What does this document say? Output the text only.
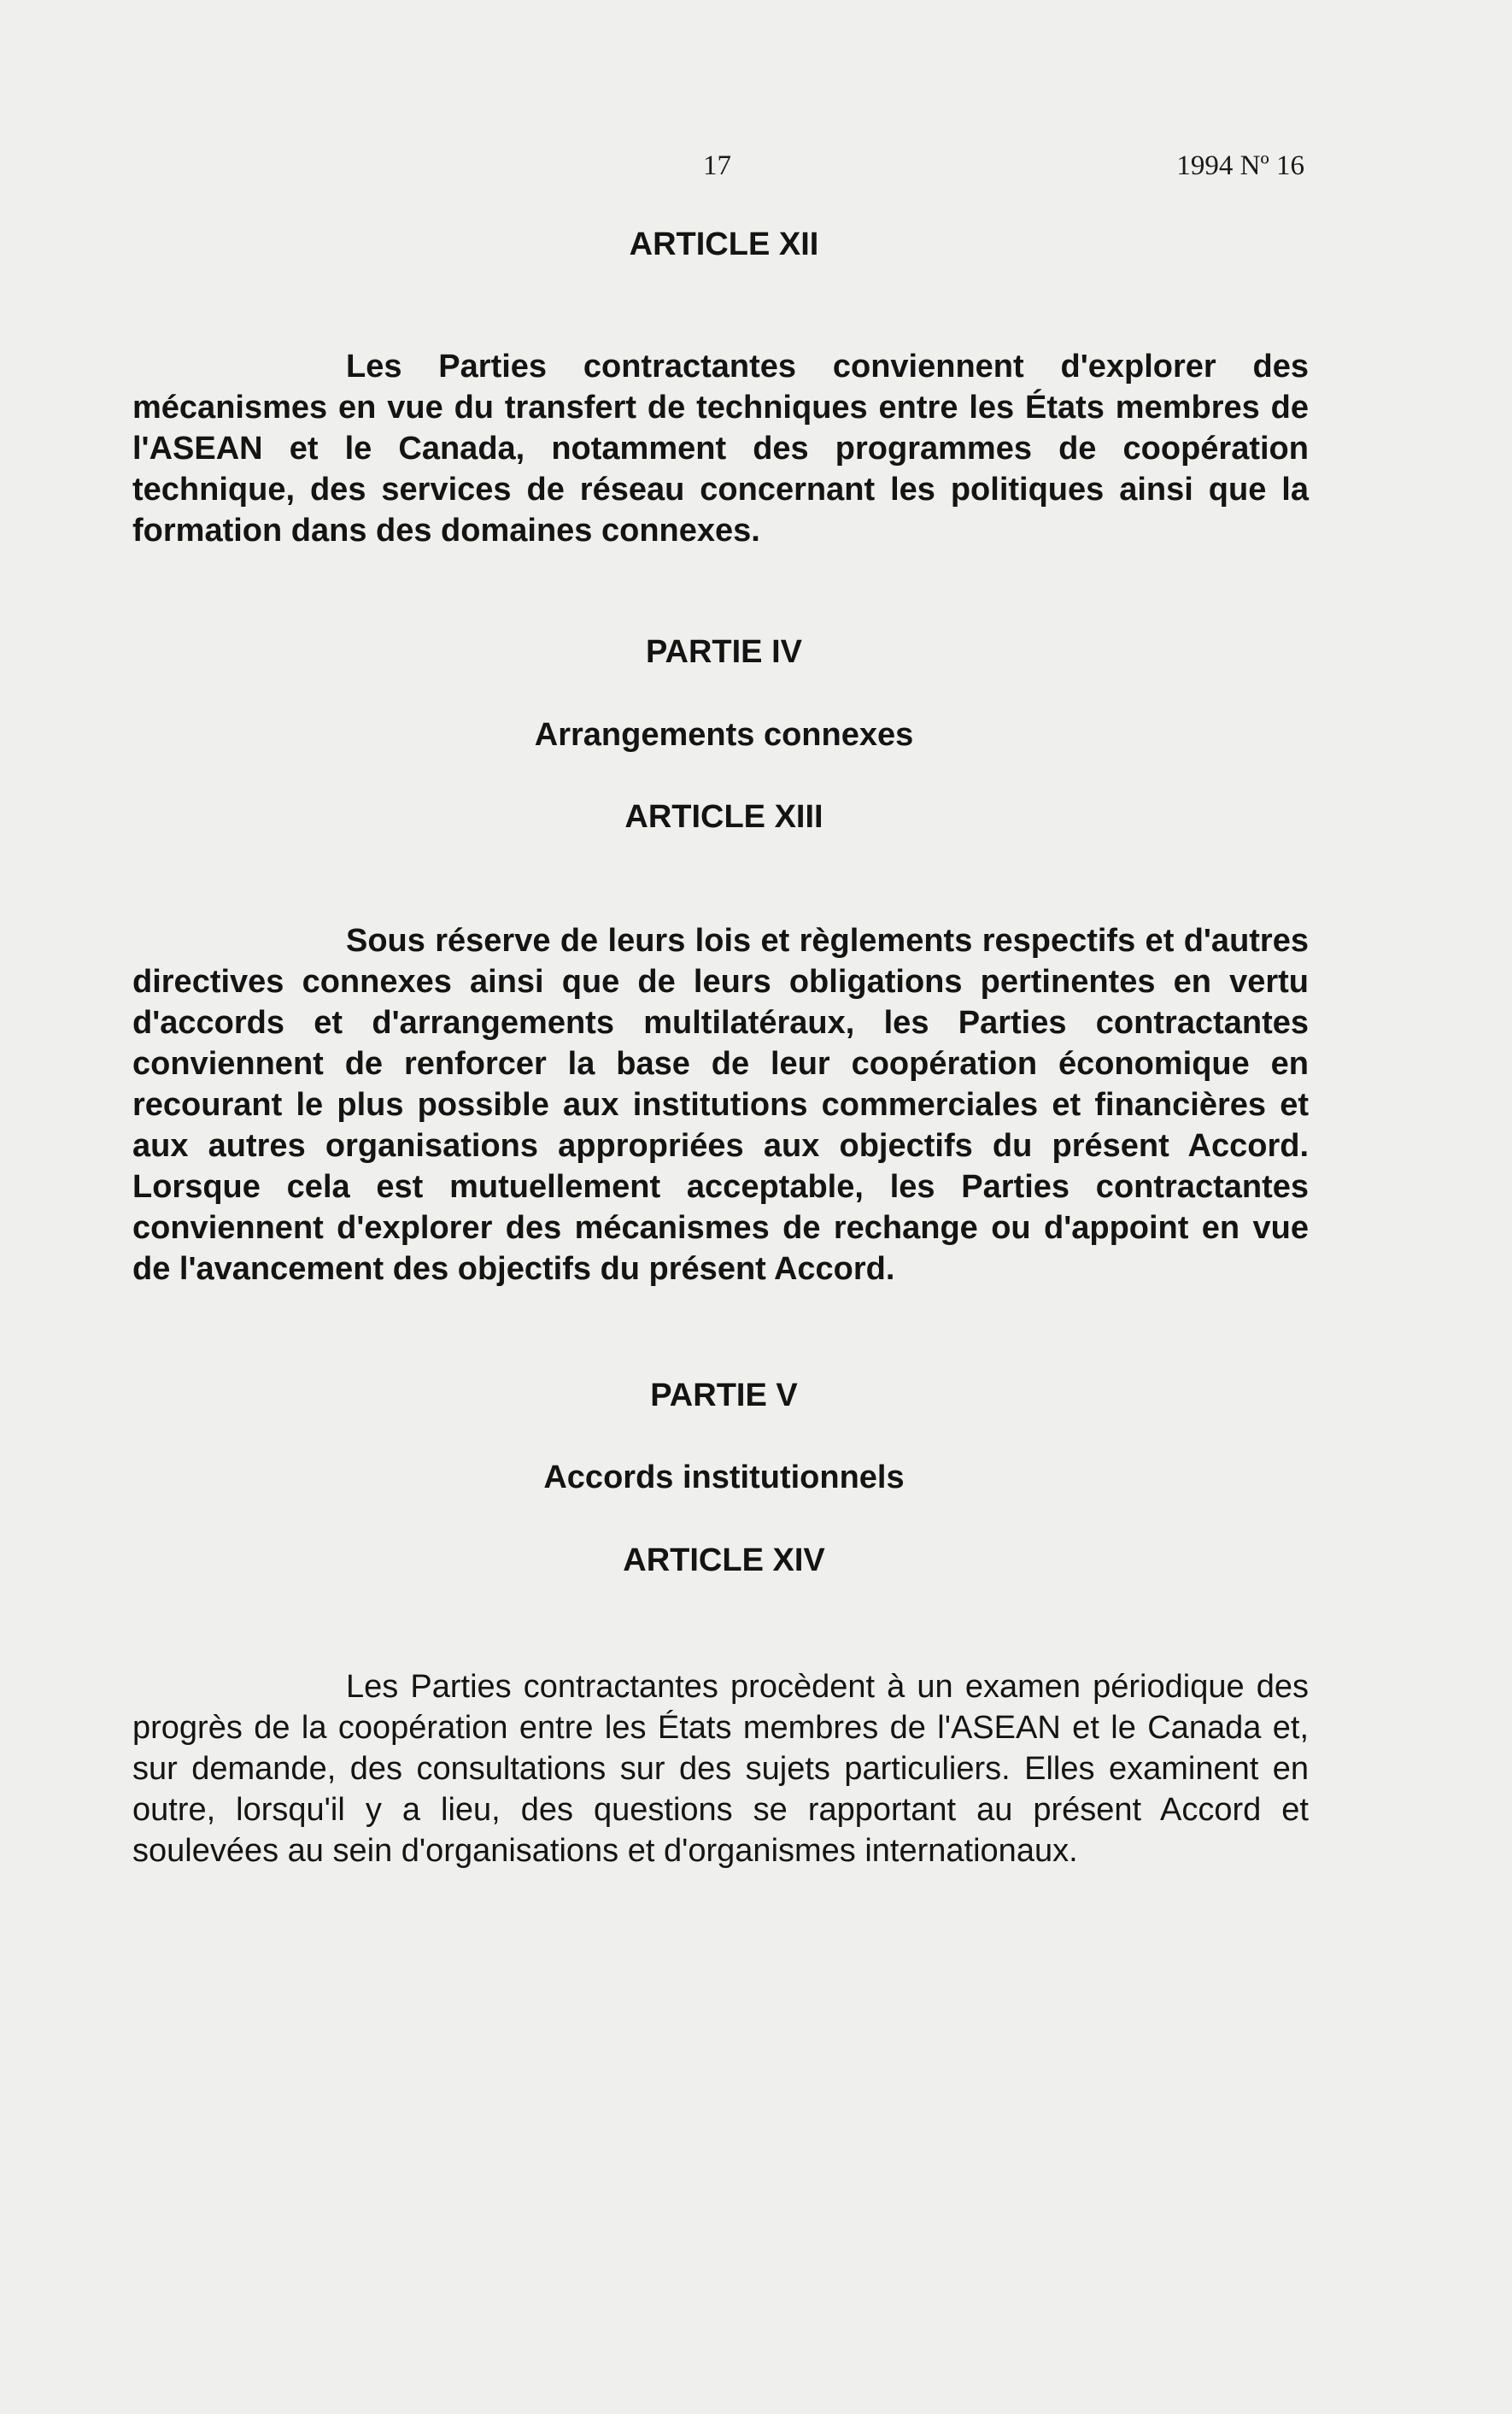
17	1994 Nº 16
ARTICLE XII

Les Parties contractantes conviennent d'explorer des mécanismes en vue du transfert de techniques entre les États membres de l'ASEAN et le Canada, notamment des programmes de coopération technique, des services de réseau concernant les politiques ainsi que la formation dans des domaines connexes.

PARTIE IV
Arrangements connexes
ARTICLE XIII

Sous réserve de leurs lois et règlements respectifs et d'autres directives connexes ainsi que de leurs obligations pertinentes en vertu d'accords et d'arrangements multilatéraux, les Parties contractantes conviennent de renforcer la base de leur coopération économique en recourant le plus possible aux institutions commerciales et financières et aux autres organisations appropriées aux objectifs du présent Accord. Lorsque cela est mutuellement acceptable, les Parties contractantes conviennent d'explorer des mécanismes de rechange ou d'appoint en vue de l'avancement des objectifs du présent Accord.

PARTIE V
Accords institutionnels
ARTICLE XIV

Les Parties contractantes procèdent à un examen périodique des progrès de la coopération entre les États membres de l'ASEAN et le Canada et, sur demande, des consultations sur des sujets particuliers. Elles examinent en outre, lorsqu'il y a lieu, des questions se rapportant au présent Accord et soulevées au sein d'organisations et d'organismes internationaux.
